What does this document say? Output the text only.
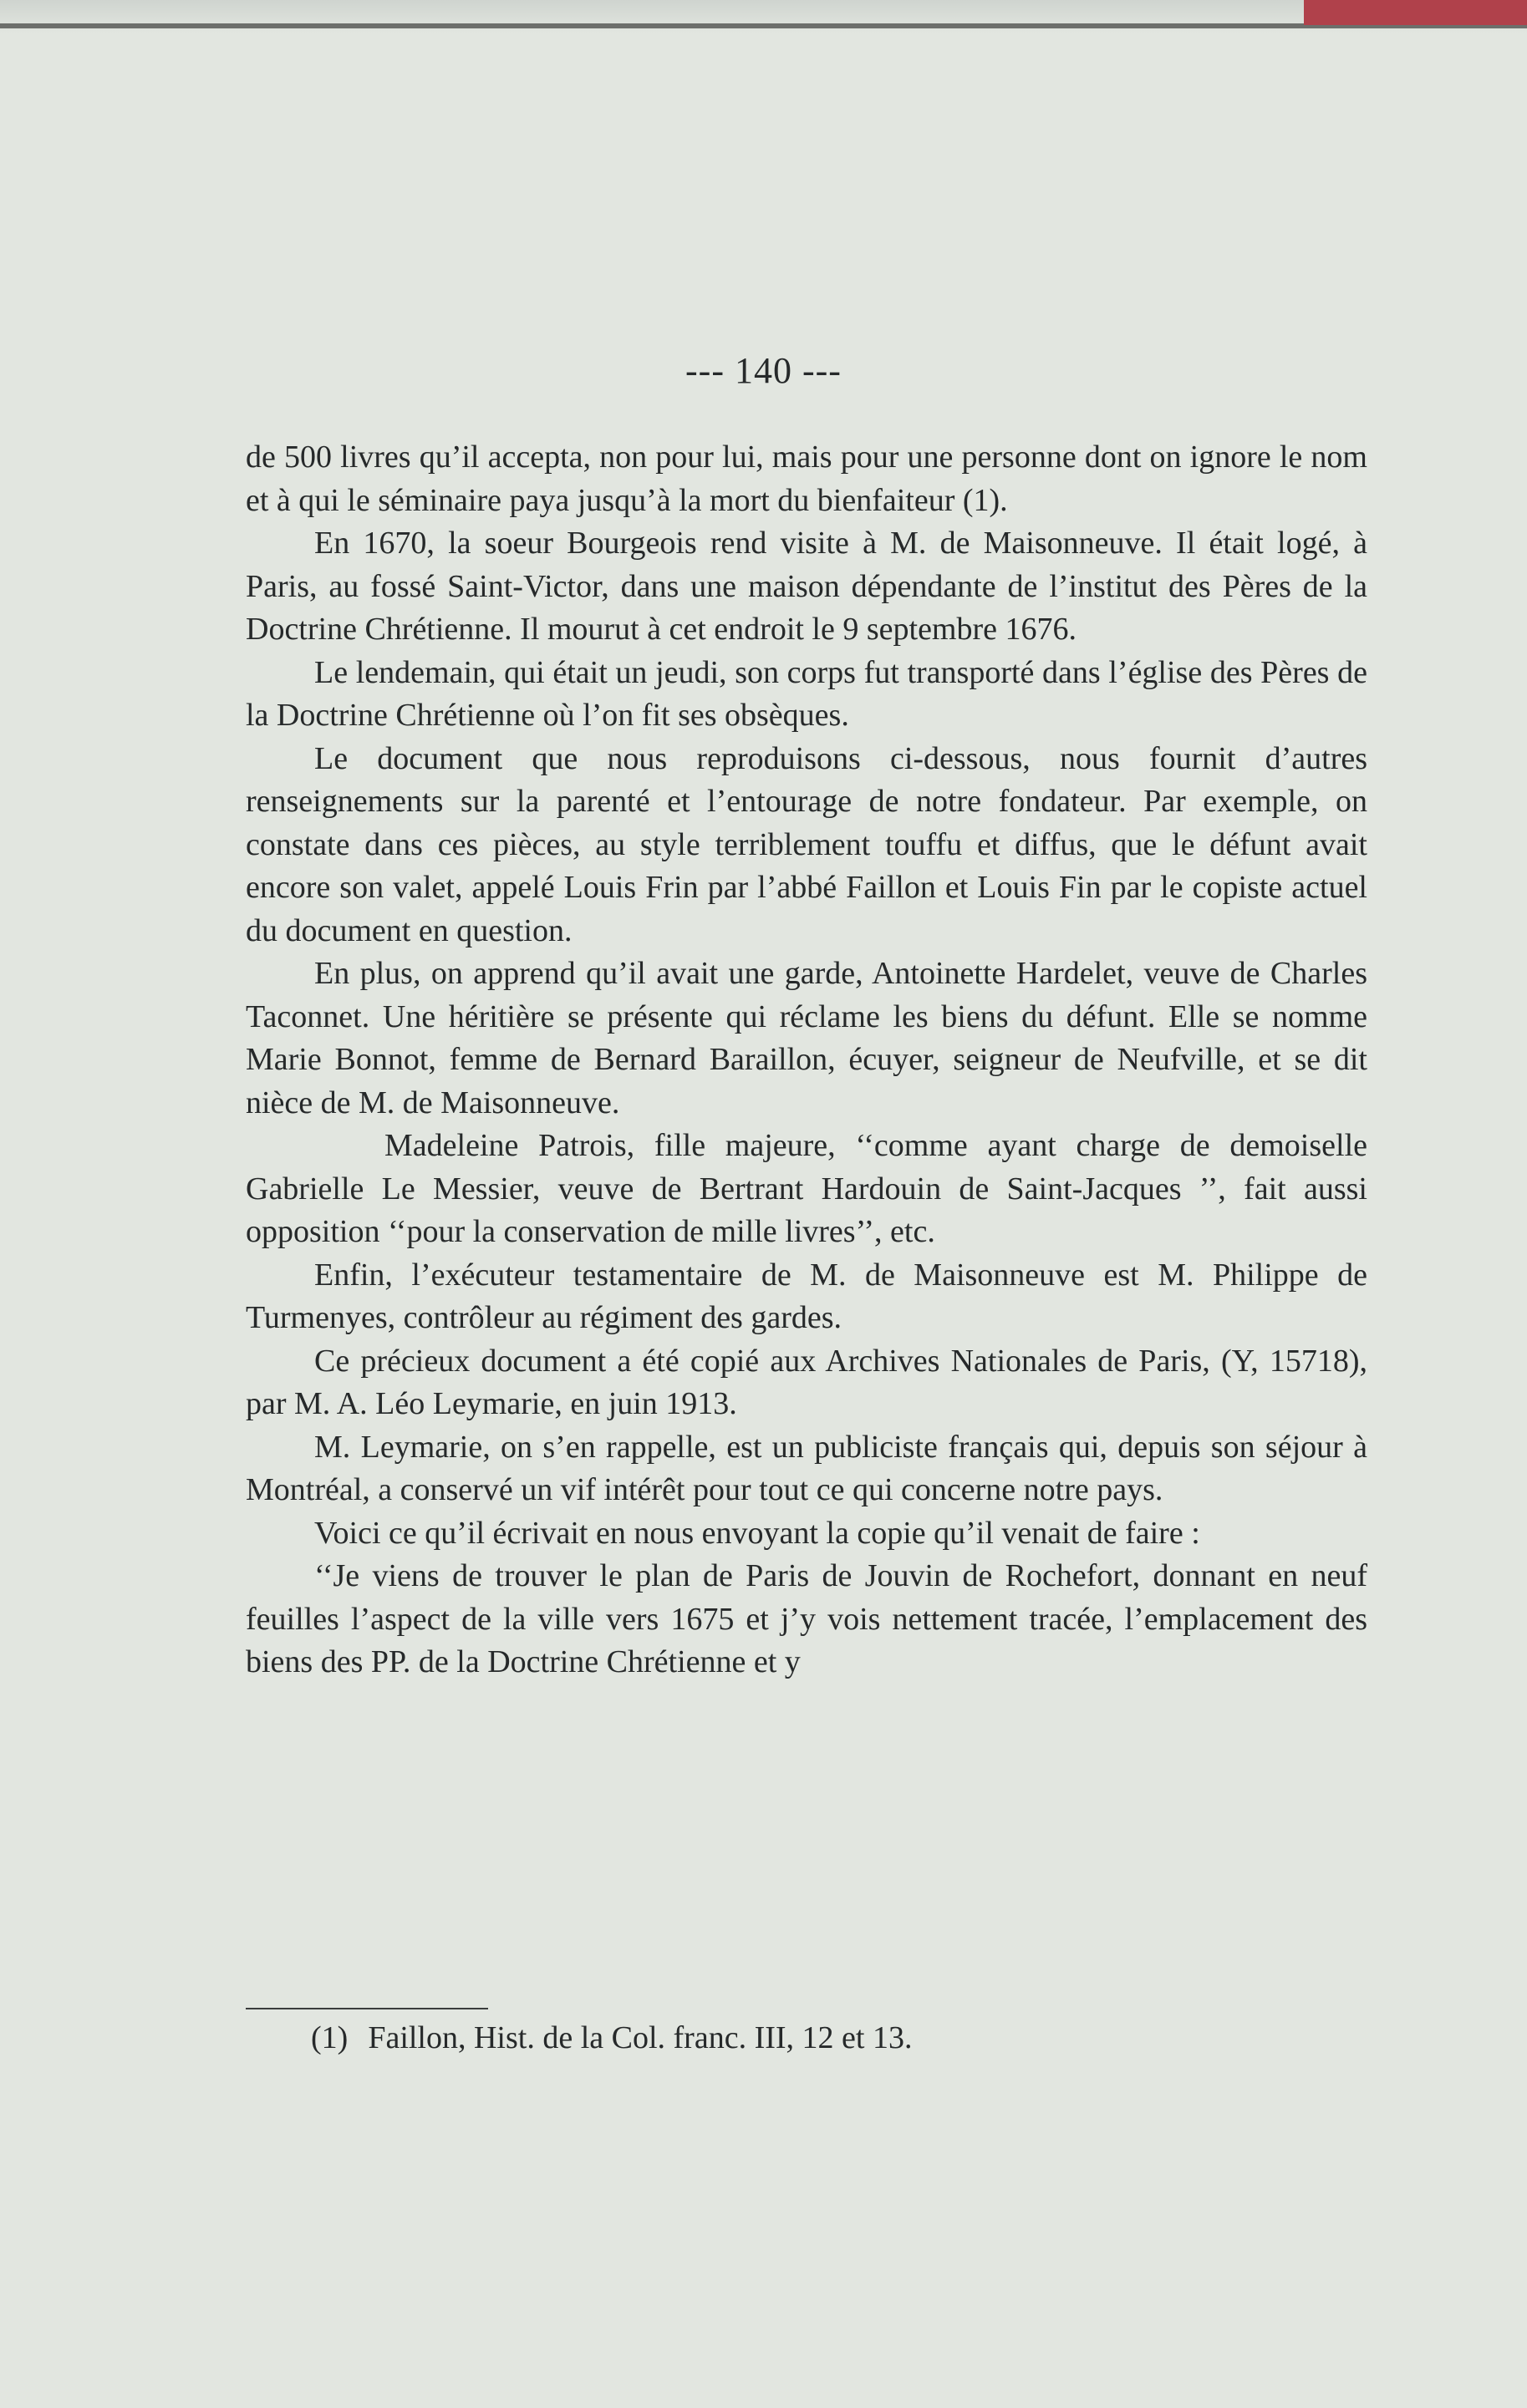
--- 140 ---

de 500 livres qu’il accepta, non pour lui, mais pour une personne dont on ignore le nom et à qui le séminaire paya jusqu’à la mort du bienfaiteur (1).

En 1670, la soeur Bourgeois rend visite à M. de Maisonneuve. Il était logé, à Paris, au fossé Saint-Victor, dans une maison dépendante de l’institut des Pères de la Doctrine Chrétienne. Il mourut à cet endroit le 9 septembre 1676.

Le lendemain, qui était un jeudi, son corps fut transporté dans l’église des Pères de la Doctrine Chrétienne où l’on fit ses obsèques.

Le document que nous reproduisons ci-dessous, nous fournit d’autres renseignements sur la parenté et l’entourage de notre fondateur. Par exemple, on constate dans ces pièces, au style terriblement touffu et diffus, que le défunt avait encore son valet, appelé Louis Frin par l’abbé Faillon et Louis Fin par le copiste actuel du document en question.

En plus, on apprend qu’il avait une garde, Antoinette Hardelet, veuve de Charles Taconnet. Une héritière se présente qui réclame les biens du défunt. Elle se nomme Marie Bonnot, femme de Bernard Baraillon, écuyer, seigneur de Neufville, et se dit nièce de M. de Maisonneuve.

Madeleine Patrois, fille majeure, ‘‘comme ayant charge de demoiselle Gabrielle Le Messier, veuve de Bertrant Hardouin de Saint-Jacques ’’, fait aussi opposition ‘‘pour la conservation de mille livres’’, etc.

Enfin, l’exécuteur testamentaire de M. de Maisonneuve est M. Philippe de Turmenyes, contrôleur au régiment des gardes.

Ce précieux document a été copié aux Archives Nationales de Paris, (Y, 15718), par M. A. Léo Leymarie, en juin 1913.

M. Leymarie, on s’en rappelle, est un publiciste français qui, depuis son séjour à Montréal, a conservé un vif intérêt pour tout ce qui concerne notre pays.

Voici ce qu’il écrivait en nous envoyant la copie qu’il venait de faire :

‘‘Je viens de trouver le plan de Paris de Jouvin de Rochefort, donnant en neuf feuilles l’aspect de la ville vers 1675 et j’y vois nettement tracée, l’emplacement des biens des PP. de la Doctrine Chrétienne et y

(1) Faillon, Hist. de la Col. franc. III, 12 et 13.
